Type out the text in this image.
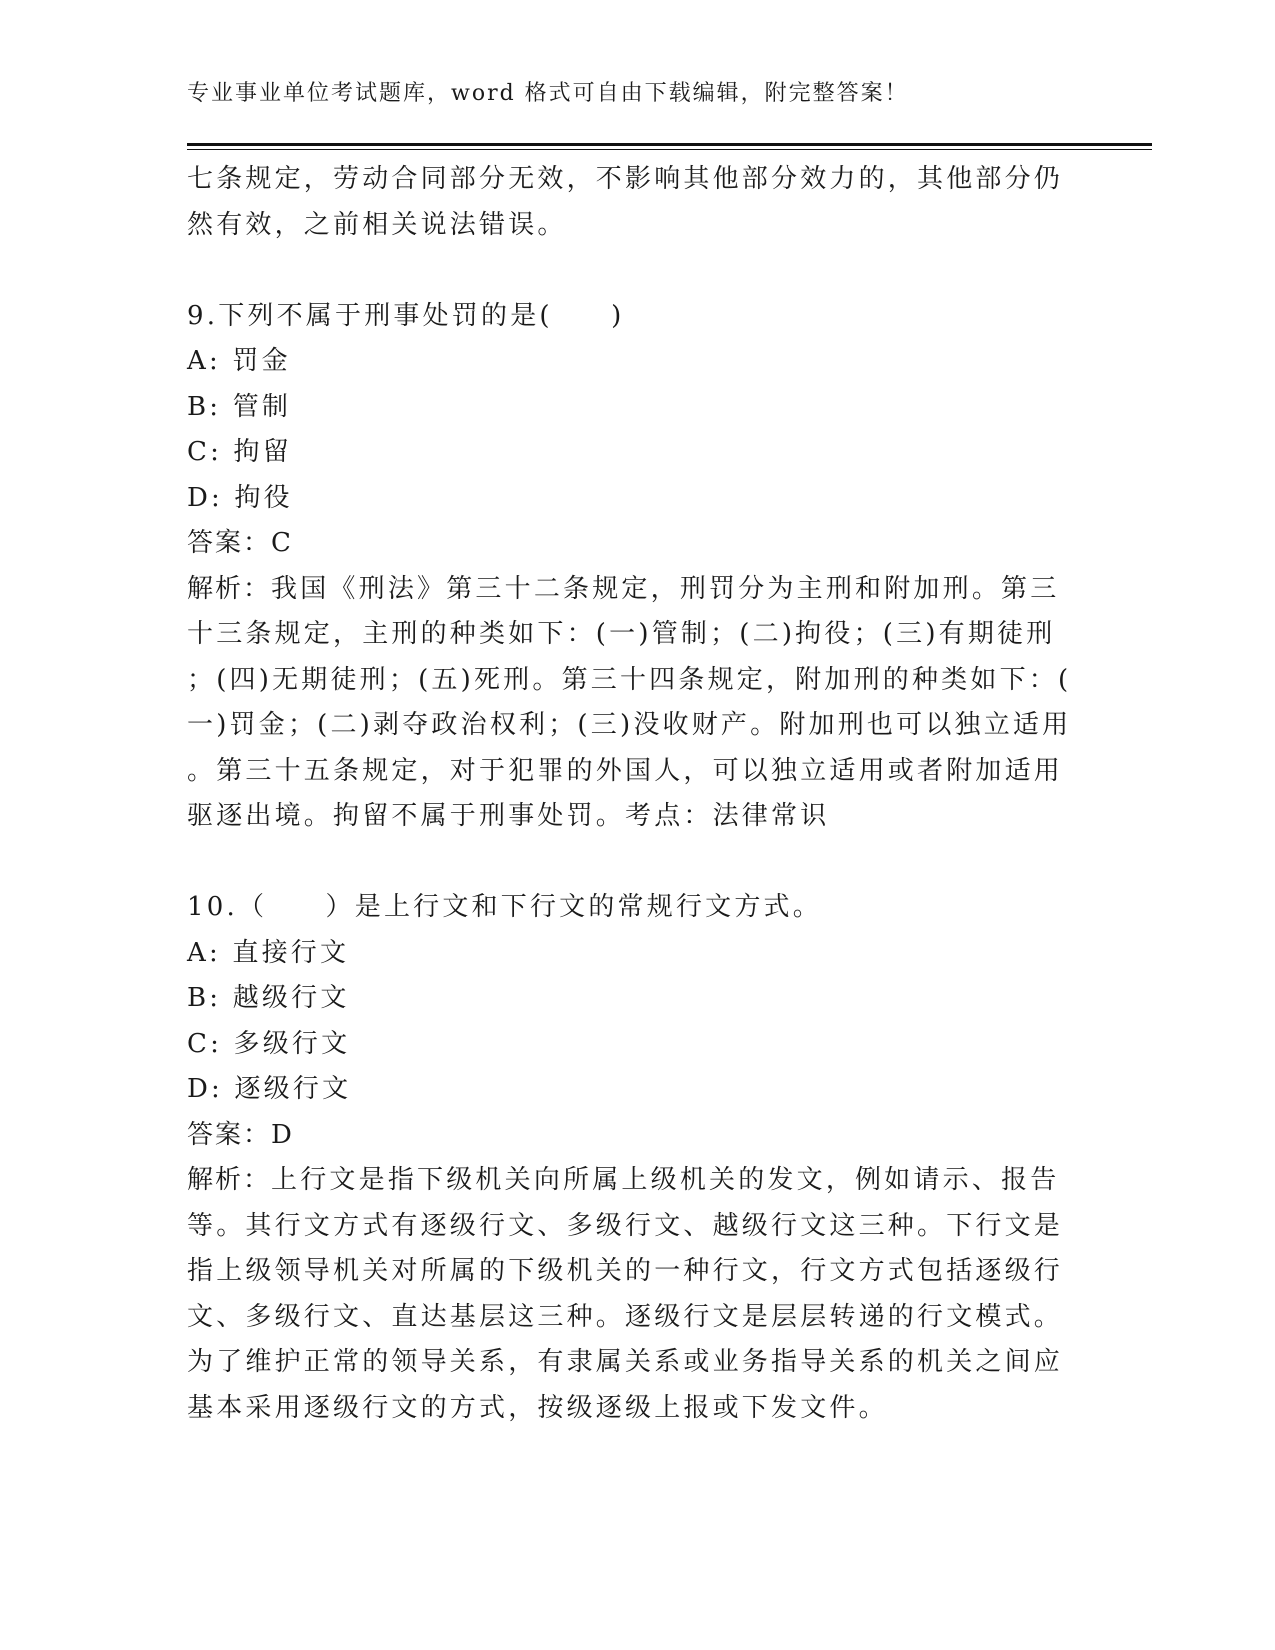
专业事业单位考试题库，word 格式可自由下载编辑，附完整答案！
七条规定，劳动合同部分无效，不影响其他部分效力的，其他部分仍
然有效，之前相关说法错误。
9.下列不属于刑事处罚的是(　　)
A: 罚金
B: 管制
C: 拘留
D: 拘役
答案：C
解析：我国《刑法》第三十二条规定，刑罚分为主刑和附加刑。第三
十三条规定，主刑的种类如下：(一)管制；(二)拘役；(三)有期徒刑
；(四)无期徒刑；(五)死刑。第三十四条规定，附加刑的种类如下：(
一)罚金；(二)剥夺政治权利；(三)没收财产。附加刑也可以独立适用
。第三十五条规定，对于犯罪的外国人，可以独立适用或者附加适用
驱逐出境。拘留不属于刑事处罚。考点：法律常识
10.（　　）是上行文和下行文的常规行文方式。
A: 直接行文
B: 越级行文
C: 多级行文
D: 逐级行文
答案：D
解析：上行文是指下级机关向所属上级机关的发文，例如请示、报告
等。其行文方式有逐级行文、多级行文、越级行文这三种。下行文是
指上级领导机关对所属的下级机关的一种行文，行文方式包括逐级行
文、多级行文、直达基层这三种。逐级行文是层层转递的行文模式。
为了维护正常的领导关系，有隶属关系或业务指导关系的机关之间应
基本采用逐级行文的方式，按级逐级上报或下发文件。
